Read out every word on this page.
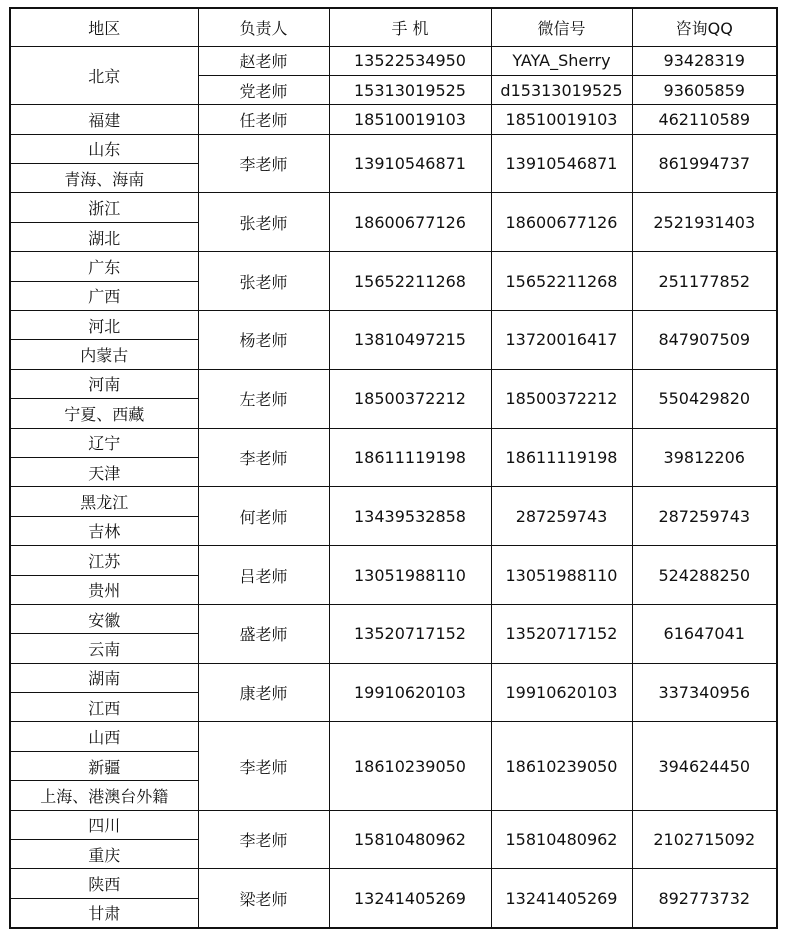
地区	负责人	手 机	微信号	咨询QQ
北京	赵老师	13522534950	YAYA_Sherry	93428319
	党老师	15313019525	d15313019525	93605859
福建	任老师	18510019103	18510019103	462110589
山东	李老师	13910546871	13910546871	861994737
青海、海南				
浙江	张老师	18600677126	18600677126	2521931403
湖北				
广东	张老师	15652211268	15652211268	251177852
广西				
河北	杨老师	13810497215	13720016417	847907509
内蒙古				
河南	左老师	18500372212	18500372212	550429820
宁夏、西藏				
辽宁	李老师	18611119198	18611119198	39812206
天津				
黑龙江	何老师	13439532858	287259743	287259743
吉林				
江苏	吕老师	13051988110	13051988110	524288250
贵州				
安徽	盛老师	13520717152	13520717152	61647041
云南				
湖南	康老师	19910620103	19910620103	337340956
江西				
山西	李老师	18610239050	18610239050	394624450
新疆				
上海、港澳台外籍				
四川	李老师	15810480962	15810480962	2102715092
重庆				
陕西	梁老师	13241405269	13241405269	892773732
甘肃				
